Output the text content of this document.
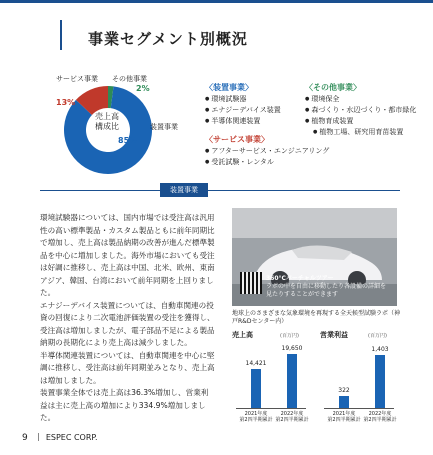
事業セグメント別概況
サービス事業 その他事業
装置事業
13%
2%
85%
売上高
構成比
〈装置事業〉
● 環境試験器
● エナジーデバイス装置
● 半導体関連装置
〈サービス事業〉
● アフターサービス・エンジニアリング
● 受託試験・レンタル
〈その他事業〉
● 環境保全
● 森づくり・水辺づくり・都市緑化
● 植物育成装置
● 植物工場、研究用育苗装置
装置事業

環境試験器については、国内市場では受注高は汎用性の高い標準製品・カスタム製品ともに前年同期比で増加し、売上高は製品納期の改善が進んだ標準製品を中心に増加しました。海外市場においても受注は好調に推移し、売上高は中国、北米、欧州、東南アジア、韓国、台湾において前年同期を上回りました。

エナジーデバイス装置については、自動車関連の投資の回復により二次電池評価装置の受注を獲得し、受注高は増加しましたが、電子部品不足による製品納期の長期化により売上高は減少しました。

半導体関連装置については、自動車関連を中心に堅調に推移し、受注高は前年同期並みとなり、売上高は増加しました。

装置事業全体では売上高は36.3%増加し、営業利益は主に売上高の増加により334.9%増加しました。

360°Cバーチャルツアー
ラボの中を自由に移動したり各設備の詳細を見たりすることができます
地球上のさまざまな気象環境を再現する全天候型試験ラボ（神戸R&Dセンター内）
売上高	(百万円)
14,421
2021年度
第2四半期累計
19,650
2022年度
第2四半期累計
営業利益	(百万円)
322
2021年度
第2四半期累計
1,403
2022年度
第2四半期累計
9 ESPEC CORP.
